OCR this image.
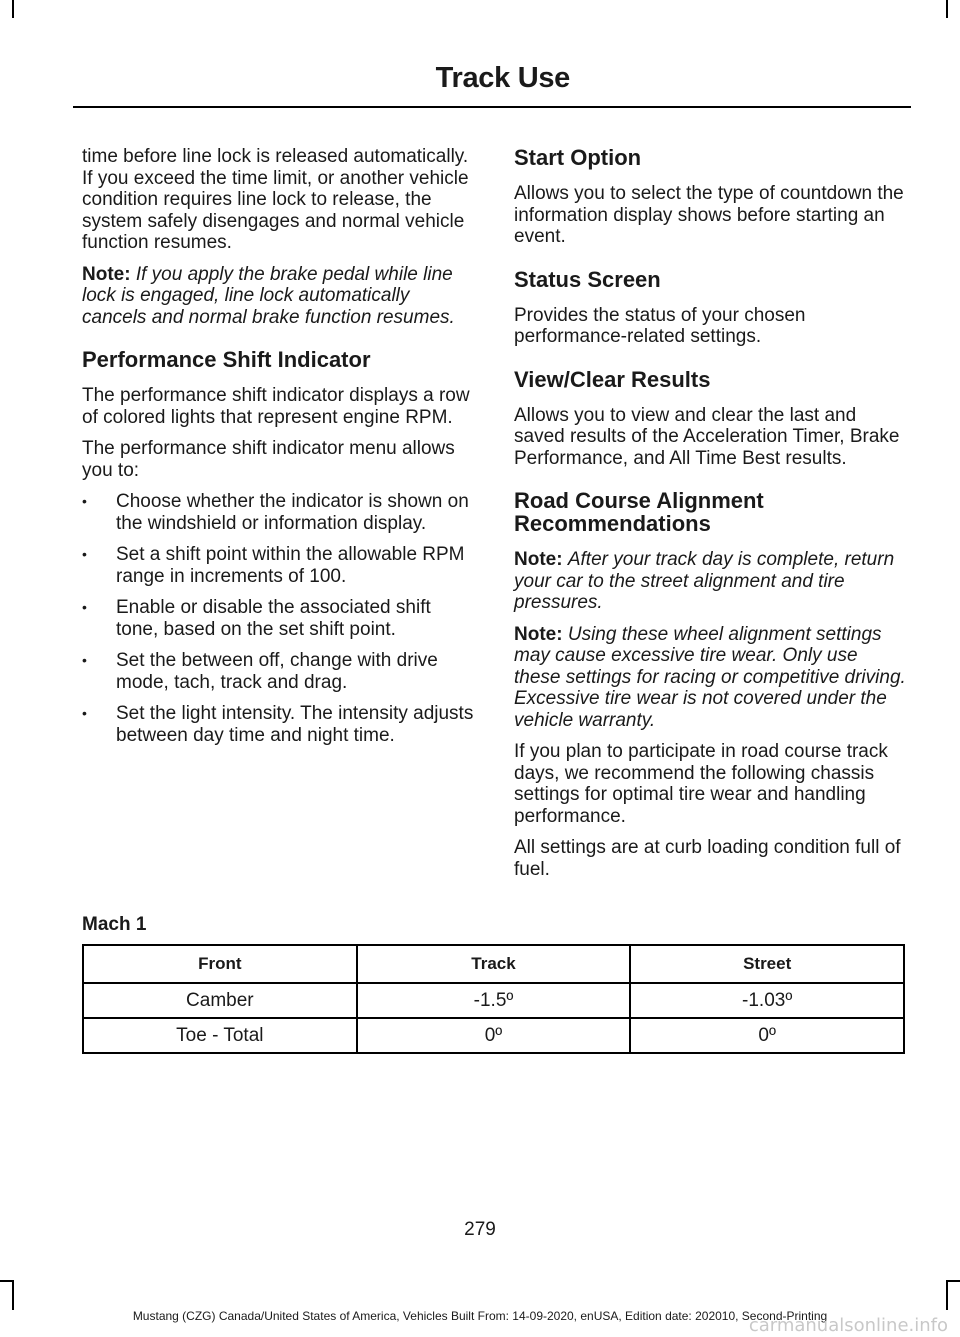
Track Use

time before line lock is released automatically. If you exceed the time limit, or another vehicle condition requires line lock to release, the system safely disengages and normal vehicle function resumes.

Note: If you apply the brake pedal while line lock is engaged, line lock automatically cancels and normal brake function resumes.

Performance Shift Indicator

The performance shift indicator displays a row of colored lights that represent engine RPM.

The performance shift indicator menu allows you to:

• Choose whether the indicator is shown on the windshield or information display.
• Set a shift point within the allowable RPM range in increments of 100.
• Enable or disable the associated shift tone, based on the set shift point.
• Set the between off, change with drive mode, tach, track and drag.
• Set the light intensity. The intensity adjusts between day time and night time.
Start Option

Allows you to select the type of countdown the information display shows before starting an event.

Status Screen

Provides the status of your chosen performance-related settings.

View/Clear Results

Allows you to view and clear the last and saved results of the Acceleration Timer, Brake Performance, and All Time Best results.

Road Course Alignment Recommendations

Note: After your track day is complete, return your car to the street alignment and tire pressures.

Note: Using these wheel alignment settings may cause excessive tire wear. Only use these settings for racing or competitive driving. Excessive tire wear is not covered under the vehicle warranty.

If you plan to participate in road course track days, we recommend the following chassis settings for optimal tire wear and handling performance.

All settings are at curb loading condition full of fuel.

Mach 1
Front	Track	Street
Camber	-1.5º	-1.03º
Toe - Total	0º	0º
279
Mustang (CZG) Canada/United States of America, Vehicles Built From: 14-09-2020, enUSA, Edition date: 202010, Second-Printing
carmanualsonline.info
